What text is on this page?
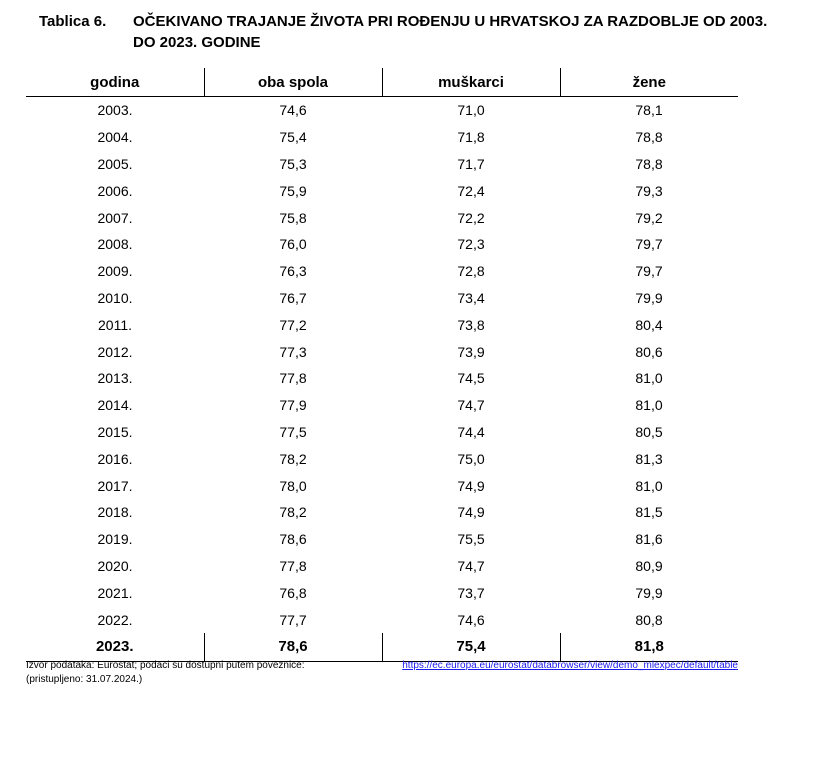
Tablica 6. OČEKIVANO TRAJANJE ŽIVOTA PRI ROĐENJU U HRVATSKOJ ZA RAZDOBLJE OD 2003. DO 2023. GODINE
godina	oba spola	muškarci	žene
2003.	74,6	71,0	78,1
2004.	75,4	71,8	78,8
2005.	75,3	71,7	78,8
2006.	75,9	72,4	79,3
2007.	75,8	72,2	79,2
2008.	76,0	72,3	79,7
2009.	76,3	72,8	79,7
2010.	76,7	73,4	79,9
2011.	77,2	73,8	80,4
2012.	77,3	73,9	80,6
2013.	77,8	74,5	81,0
2014.	77,9	74,7	81,0
2015.	77,5	74,4	80,5
2016.	78,2	75,0	81,3
2017.	78,0	74,9	81,0
2018.	78,2	74,9	81,5
2019.	78,6	75,5	81,6
2020.	77,8	74,7	80,9
2021.	76,8	73,7	79,9
2022.	77,7	74,6	80,8
2023.	78,6	75,4	81,8
Izvor podataka: Eurostat; podaci su dostupni putem poveznice:	https://ec.europa.eu/eurostat/databrowser/view/demo_mlexpec/default/table
(pristupljeno: 31.07.2024.)
